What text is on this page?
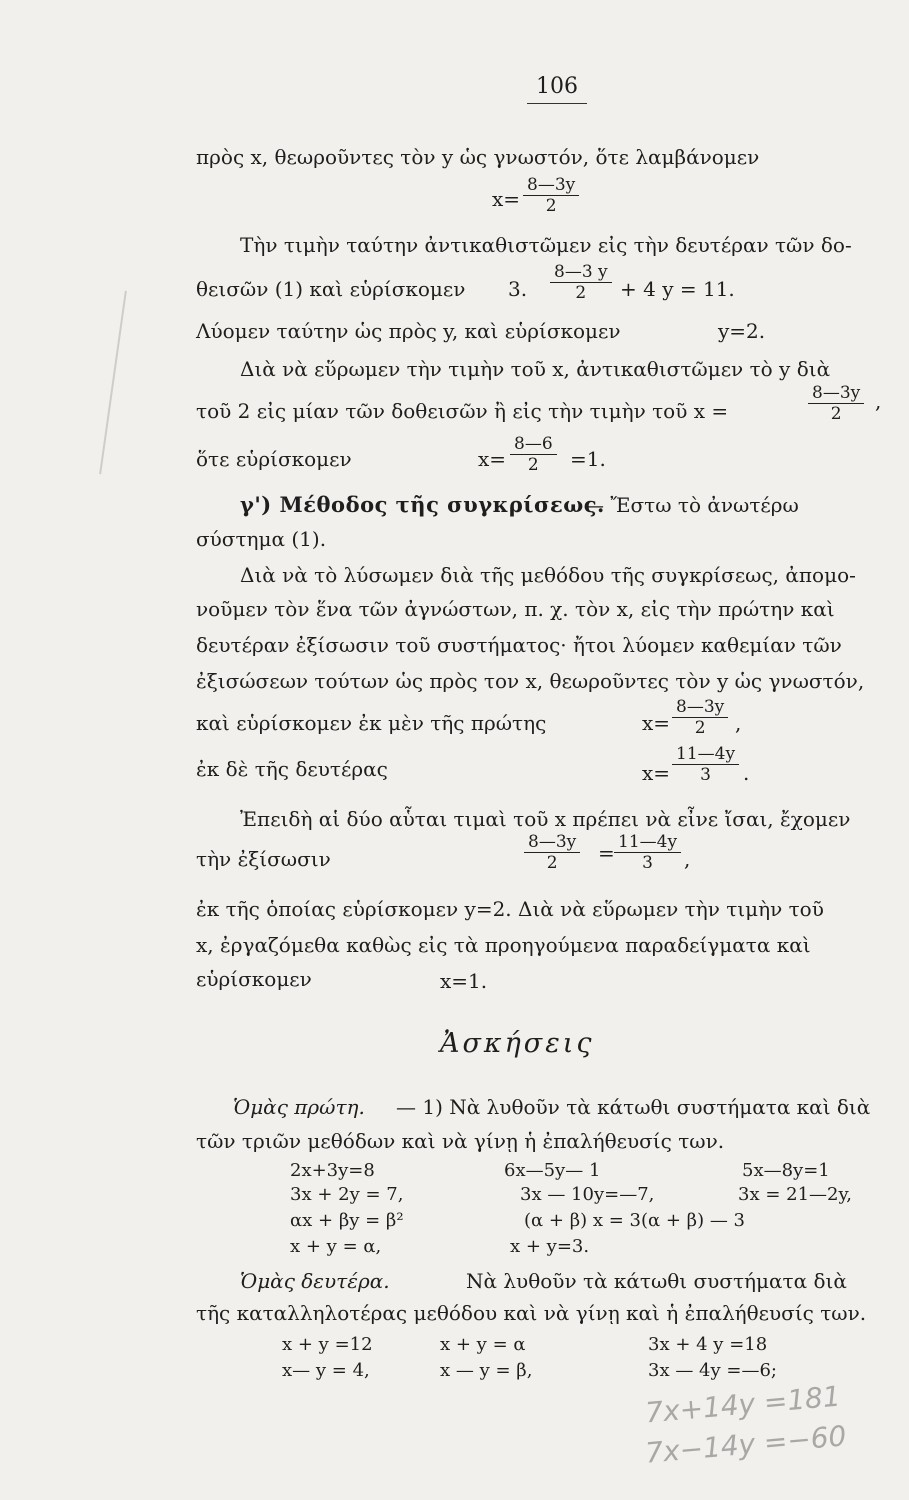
106
πρὸς x, θεωροῦντες τὸν y ὡς γνωστόν, ὅτε λαμβάνομεν
$x= \frac{8—3y}{2}$
Τὴν τιμὴν ταύτην ἀντικαθιστῶμεν εἰς τὴν δευτέραν τῶν δο-
θεισῶν (1) καὶ εὑρίσκομεν 3. $\frac{8—3 y}{2} + 4$ y = 11.
Λύομεν ταύτην ὡς πρὸς y, καὶ εὑρίσκομεν	y=2.
Διὰ νὰ εὕρωμεν τὴν τιμὴν τοῦ x, ἀντικαθιστῶμεν τὸ y διὰ
τοῦ 2 εἰς μίαν τῶν δοθεισῶν ἢ εἰς τὴν τιμὴν τοῦ x =	$\frac{8—3y}{2}$ ,
ὅτε εὑρίσκομεν	$x= \frac{8—6}{2} =1$.
γ') Μέθοδος τῆς συγκρίσεως.
— Ἔστω τὸ ἀνωτέρω
σύστημα (1).
Διὰ νὰ τὸ λύσωμεν διὰ τῆς μεθόδου τῆς συγκρίσεως, ἀπομο-
νοῦμεν τὸν ἕνα τῶν ἀγνώστων, π. χ. τὸν x, εἰς τὴν πρώτην καὶ
δευτέραν ἐξίσωσιν τοῦ συστήματος· ἤτοι λύομεν καθεμίαν τῶν
ἐξισώσεων τούτων ὡς πρὸς τον x, θεωροῦντες τὸν y ὡς γνωστόν,
καὶ εὑρίσκομεν ἐκ μὲν τῆς πρώτης	$x= \frac{8—3y}{2}$ ,
ἐκ δὲ τῆς δευτέρας	$x= \frac{11—4y}{3}$ .
Ἐπειδὴ αἱ δύο αὗται τιμαὶ τοῦ x πρέπει νὰ εἶνε ἴσαι, ἔχομεν
τὴν ἐξίσωσιν	$\frac{8—3y}{2} = \frac{11—4y}{3}$ ,
ἐκ τῆς ὁποίας εὑρίσκομεν y=2. Διὰ νὰ εὕρωμεν τὴν τιμὴν τοῦ
x, ἐργαζόμεθα καθὼς εἰς τὰ προηγούμενα παραδείγματα καὶ
εὑρίσκομεν	x=1.
Ἀσκήσεις
Ὁμὰς πρώτη. — 1) Νὰ λυθοῦν τὰ κάτωθι συστήματα καὶ διὰ
τῶν τριῶν μεθόδων καὶ νὰ γίνῃ ἡ ἐπαλήθευσίς των.
2x+3y=8	6x—5y— 1	5x—8y=1
3x + 2y = 7,	3x — 10y=—7,	3x = 21—2y,
αx + βy = β²	(α + β) x = 3(α + β) — 3
x + y = α,	x + y=3.
Ὁμὰς δευτέρα.	Νὰ λυθοῦν τὰ κάτωθι συστήματα διὰ
τῆς καταλληλοτέρας μεθόδου καὶ νὰ γίνῃ καὶ ἡ ἐπαλήθευσίς των.
x + y =12	x + y = α	3x + 4 y =18
x— y = 4,	x — y = β,	3x — 4y =—6;
7x+14y =181
7x−14y =−60
